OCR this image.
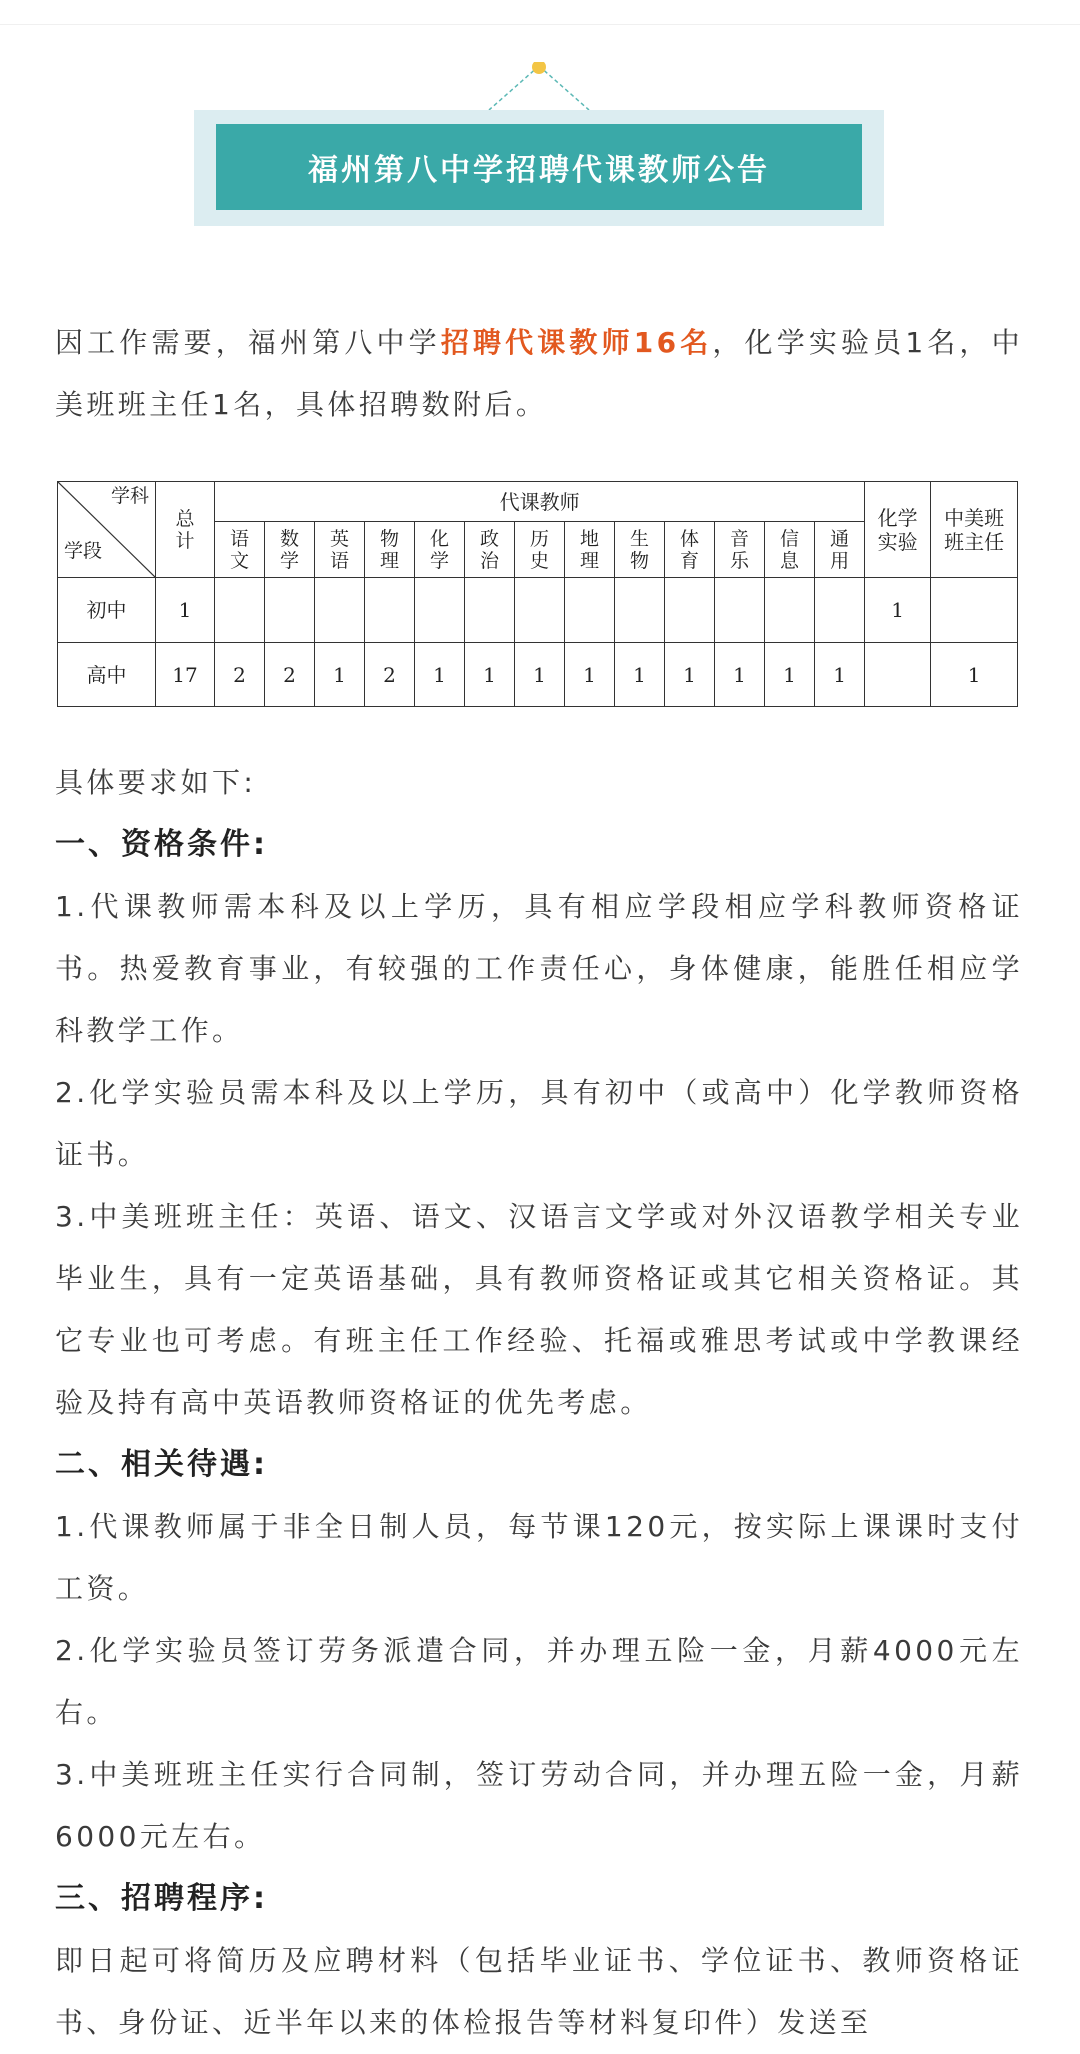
福州第八中学招聘代课教师公告

因工作需要，福州第八中学招聘代课教师16名，化学实验员1名，中美班班主任1名，具体招聘数附后。

学科
学段	总计	代课教师													化学实验	中美班班主任
		语文	数学	英语	物理	化学	政治	历史	地理	生物	体育	音乐	信息	通用		
初中	1														1	
高中	17	2	2	1	2	1	1	1	1	1	1	1	1	1		1

具体要求如下:

一、资格条件:

1.代课教师需本科及以上学历，具有相应学段相应学科教师资格证书。热爱教育事业，有较强的工作责任心，身体健康，能胜任相应学科教学工作。

2.化学实验员需本科及以上学历，具有初中（或高中）化学教师资格证书。

3.中美班班主任：英语、语文、汉语言文学或对外汉语教学相关专业毕业生，具有一定英语基础，具有教师资格证或其它相关资格证。其它专业也可考虑。有班主任工作经验、托福或雅思考试或中学教课经验及持有高中英语教师资格证的优先考虑。

二、相关待遇:

1.代课教师属于非全日制人员，每节课120元，按实际上课课时支付工资。

2.化学实验员签订劳务派遣合同，并办理五险一金，月薪4000元左右。

3.中美班班主任实行合同制，签订劳动合同，并办理五险一金，月薪6000元左右。

三、招聘程序:

即日起可将简历及应聘材料（包括毕业证书、学位证书、教师资格证书、身份证、近半年以来的体检报告等材料复印件）发送至
